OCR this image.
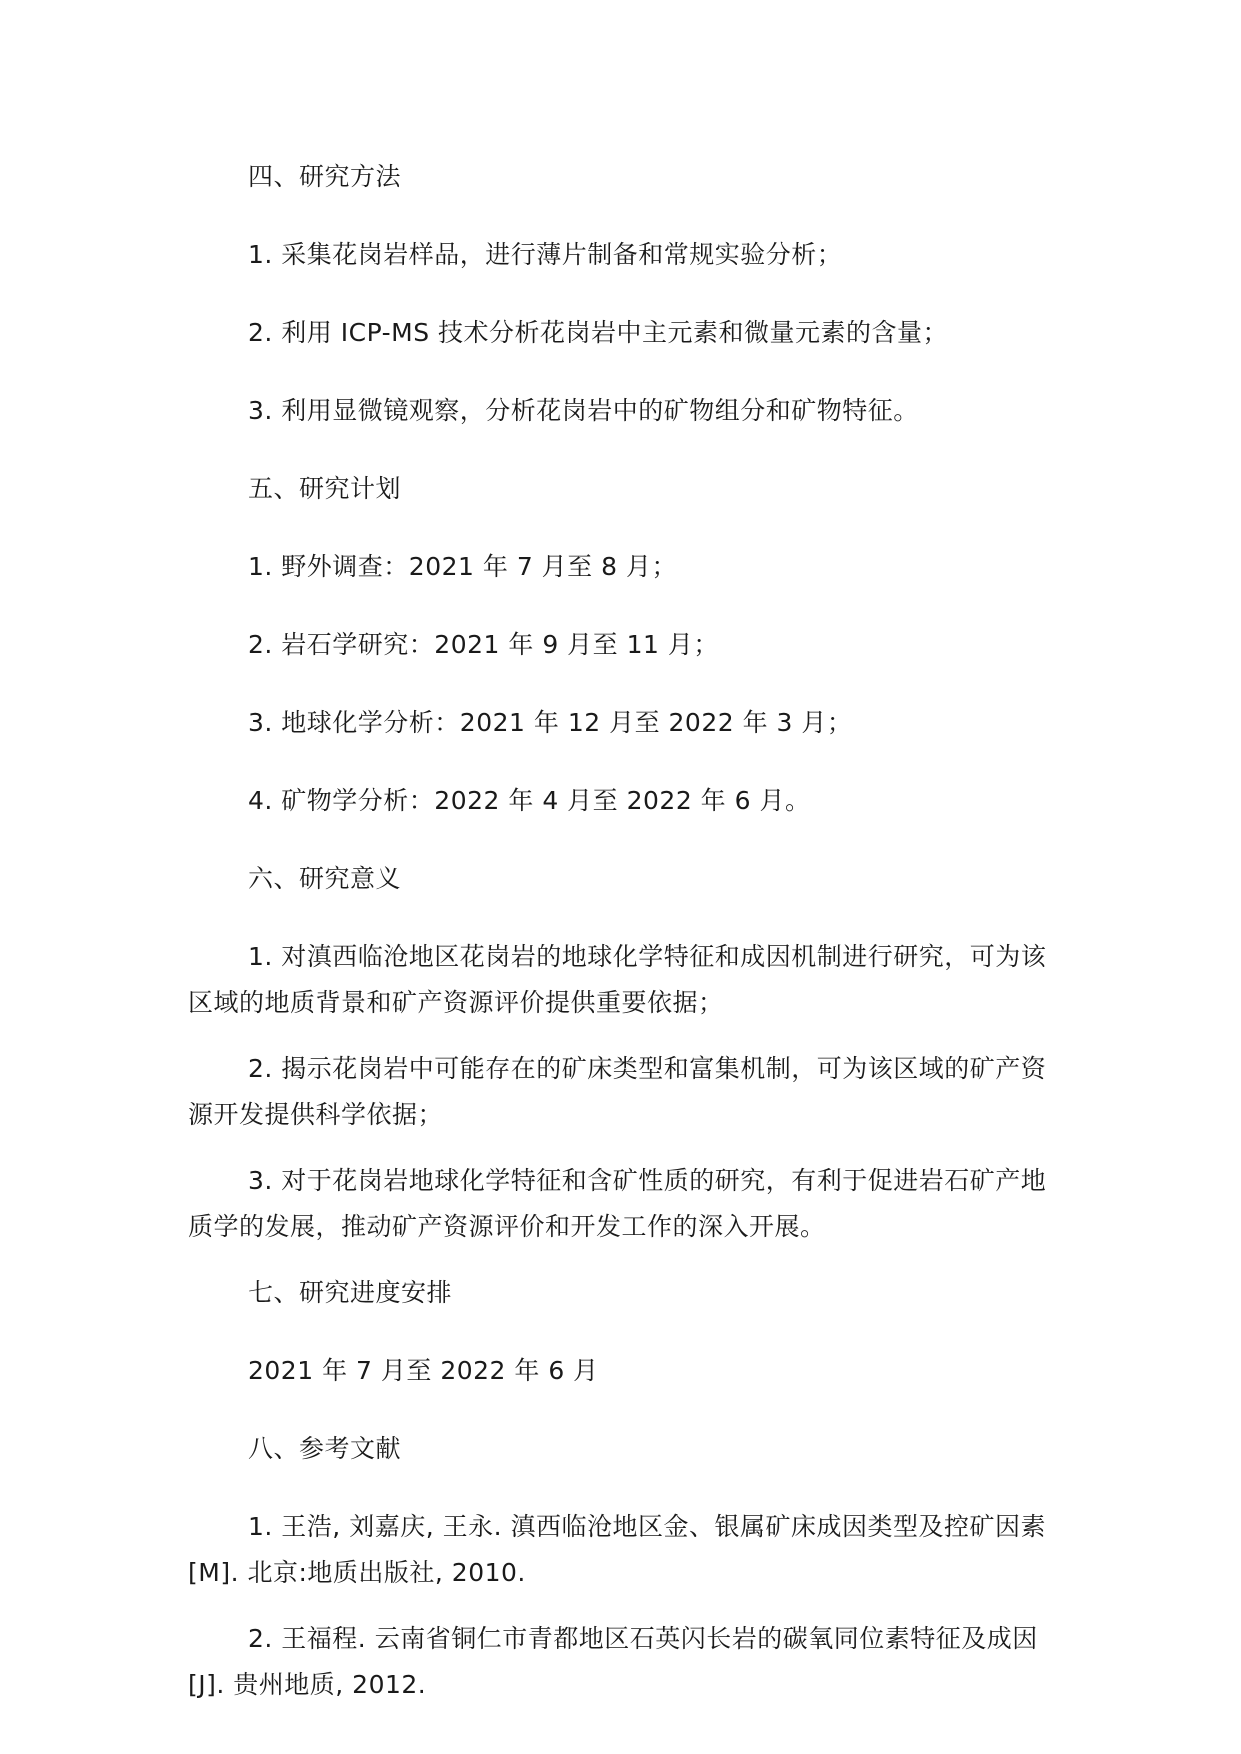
四、研究方法

1. 采集花岗岩样品，进行薄片制备和常规实验分析；

2. 利用 ICP-MS 技术分析花岗岩中主元素和微量元素的含量；

3. 利用显微镜观察，分析花岗岩中的矿物组分和矿物特征。

五、研究计划

1. 野外调查：2021 年 7 月至 8 月；

2. 岩石学研究：2021 年 9 月至 11 月；

3. 地球化学分析：2021 年 12 月至 2022 年 3 月；

4. 矿物学分析：2022 年 4 月至 2022 年 6 月。

六、研究意义

1. 对滇西临沧地区花岗岩的地球化学特征和成因机制进行研究，可为该区域的地质背景和矿产资源评价提供重要依据；

2. 揭示花岗岩中可能存在的矿床类型和富集机制，可为该区域的矿产资源开发提供科学依据；

3. 对于花岗岩地球化学特征和含矿性质的研究，有利于促进岩石矿产地质学的发展，推动矿产资源评价和开发工作的深入开展。

七、研究进度安排

2021 年 7 月至 2022 年 6 月

八、参考文献

1. 王浩, 刘嘉庆, 王永. 滇西临沧地区金、银属矿床成因类型及控矿因素[M]. 北京:地质出版社, 2010.

2. 王福程. 云南省铜仁市青都地区石英闪长岩的碳氧同位素特征及成因[J]. 贵州地质, 2012.
